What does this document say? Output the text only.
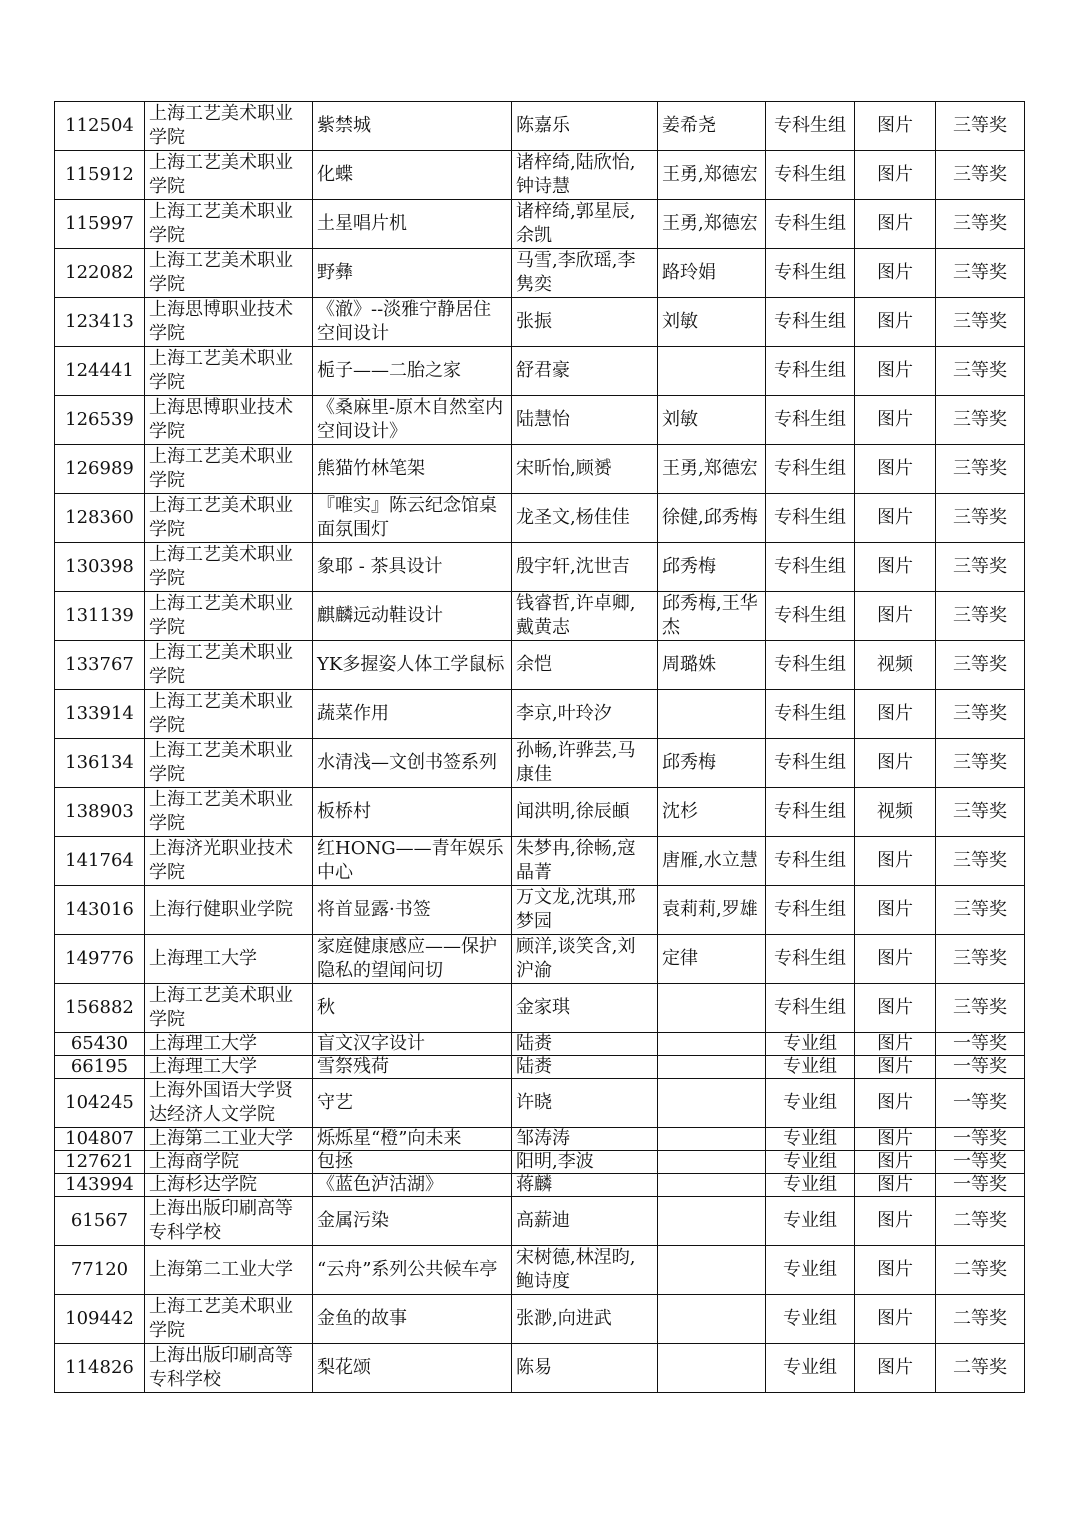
112504	上海工艺美术职业学院	紫禁城	陈嘉乐	姜希尧	专科生组	图片	三等奖
115912	上海工艺美术职业学院	化蝶	诸梓绮,陆欣怡,钟诗慧	王勇,郑德宏	专科生组	图片	三等奖
115997	上海工艺美术职业学院	土星唱片机	诸梓绮,郭星辰,余凯	王勇,郑德宏	专科生组	图片	三等奖
122082	上海工艺美术职业学院	野彝	马雪,李欣瑶,李隽奕	路玲娟	专科生组	图片	三等奖
123413	上海思博职业技术学院	《澈》--淡雅宁静居住空间设计	张振	刘敏	专科生组	图片	三等奖
124441	上海工艺美术职业学院	栀子——二胎之家	舒君豪		专科生组	图片	三等奖
126539	上海思博职业技术学院	《桑麻里-原木自然室内空间设计》	陆慧怡	刘敏	专科生组	图片	三等奖
126989	上海工艺美术职业学院	熊猫竹林笔架	宋昕怡,顾赟	王勇,郑德宏	专科生组	图片	三等奖
128360	上海工艺美术职业学院	『唯实』陈云纪念馆桌面氛围灯	龙圣文,杨佳佳	徐健,邱秀梅	专科生组	图片	三等奖
130398	上海工艺美术职业学院	象耶 - 茶具设计	殷宇轩,沈世吉	邱秀梅	专科生组	图片	三等奖
131139	上海工艺美术职业学院	麒麟远动鞋设计	钱睿哲,许卓卿,戴黄志	邱秀梅,王华杰	专科生组	图片	三等奖
133767	上海工艺美术职业学院	YK多握姿人体工学鼠标	余恺	周璐姝	专科生组	视频	三等奖
133914	上海工艺美术职业学院	蔬菜作用	李京,叶玲汐		专科生组	图片	三等奖
136134	上海工艺美术职业学院	水清浅—文创书签系列	孙畅,许骅芸,马康佳	邱秀梅	专科生组	图片	三等奖
138903	上海工艺美术职业学院	板桥村	闻洪明,徐辰頔	沈杉	专科生组	视频	三等奖
141764	上海济光职业技术学院	红HONG——青年娱乐中心	朱梦冉,徐畅,寇晶菁	唐雁,水立慧	专科生组	图片	三等奖
143016	上海行健职业学院	将首显露·书签	万文龙,沈琪,邢梦园	袁莉莉,罗雄	专科生组	图片	三等奖
149776	上海理工大学	家庭健康感应——保护隐私的望闻问切	顾洋,谈笑含,刘沪渝	定律	专科生组	图片	三等奖
156882	上海工艺美术职业学院	秋	金家琪		专科生组	图片	三等奖
65430	上海理工大学	盲文汉字设计	陆赉		专业组	图片	一等奖
66195	上海理工大学	雪祭残荷	陆赉		专业组	图片	一等奖
104245	上海外国语大学贤达经济人文学院	守艺	许晓		专业组	图片	一等奖
104807	上海第二工业大学	烁烁星“橙”向未来	邹涛涛		专业组	图片	一等奖
127621	上海商学院	包拯	阳明,李波		专业组	图片	一等奖
143994	上海杉达学院	《蓝色泸沽湖》	蒋麟		专业组	图片	一等奖
61567	上海出版印刷高等专科学校	金属污染	高薪迪		专业组	图片	二等奖
77120	上海第二工业大学	“云舟”系列公共候车亭	宋树德,林涅昀,鲍诗度		专业组	图片	二等奖
109442	上海工艺美术职业学院	金鱼的故事	张渺,向进武		专业组	图片	二等奖
114826	上海出版印刷高等专科学校	梨花颂	陈易		专业组	图片	二等奖
